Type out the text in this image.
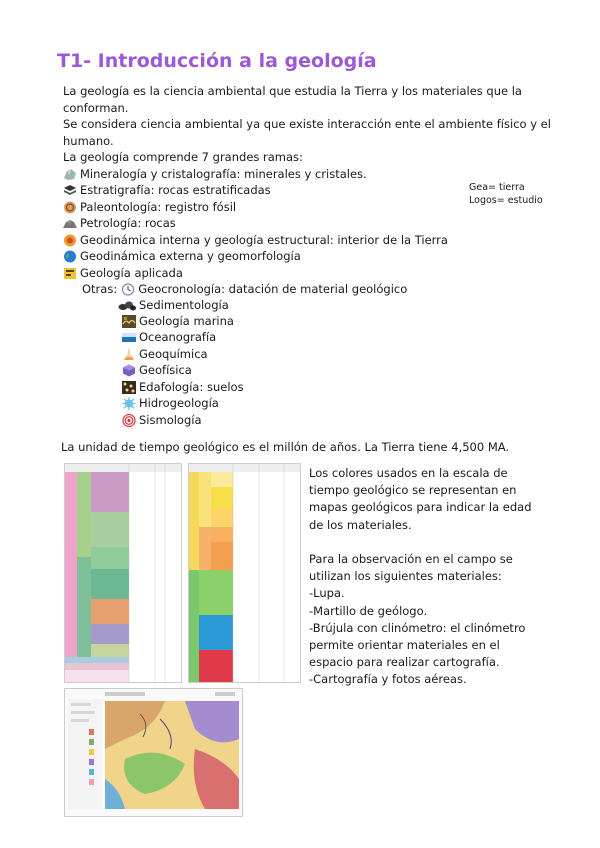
T1- Introducción a la geología
La geología es la ciencia ambiental que estudia la Tierra y los materiales que la
conforman.
Se considera ciencia ambiental ya que existe interacción ente el ambiente físico y el
humano.
La geología comprende 7 grandes ramas:
Mineralogía y cristalografía: minerales y cristales.
Estratigrafía: rocas estratificadas
Paleontología: registro fósil
Petrología: rocas
Geodinámica interna y geología estructural: interior de la Tierra
Geodinámica externa y geomorfología
Geología aplicada
Otras: Geocronología: datación de material geológico
Sedimentología
Geología marina
Oceanografía
Geoquímica
Geofísica
Edafología: suelos
Hidrogeología
Sismología
Gea= tierra
Logos= estudio
La unidad de tiempo geológico es el millón de años. La Tierra tiene 4,500 MA.
Los colores usados en la escala de
tiempo geológico se representan en
mapas geológicos para indicar la edad
de los materiales.
Para la observación en el campo se
utilizan los siguientes materiales:
-Lupa.
-Martillo de geólogo.
-Brújula con clinómetro: el clinómetro
permite orientar materiales en el
espacio para realizar cartografía.
-Cartografía y fotos aéreas.
